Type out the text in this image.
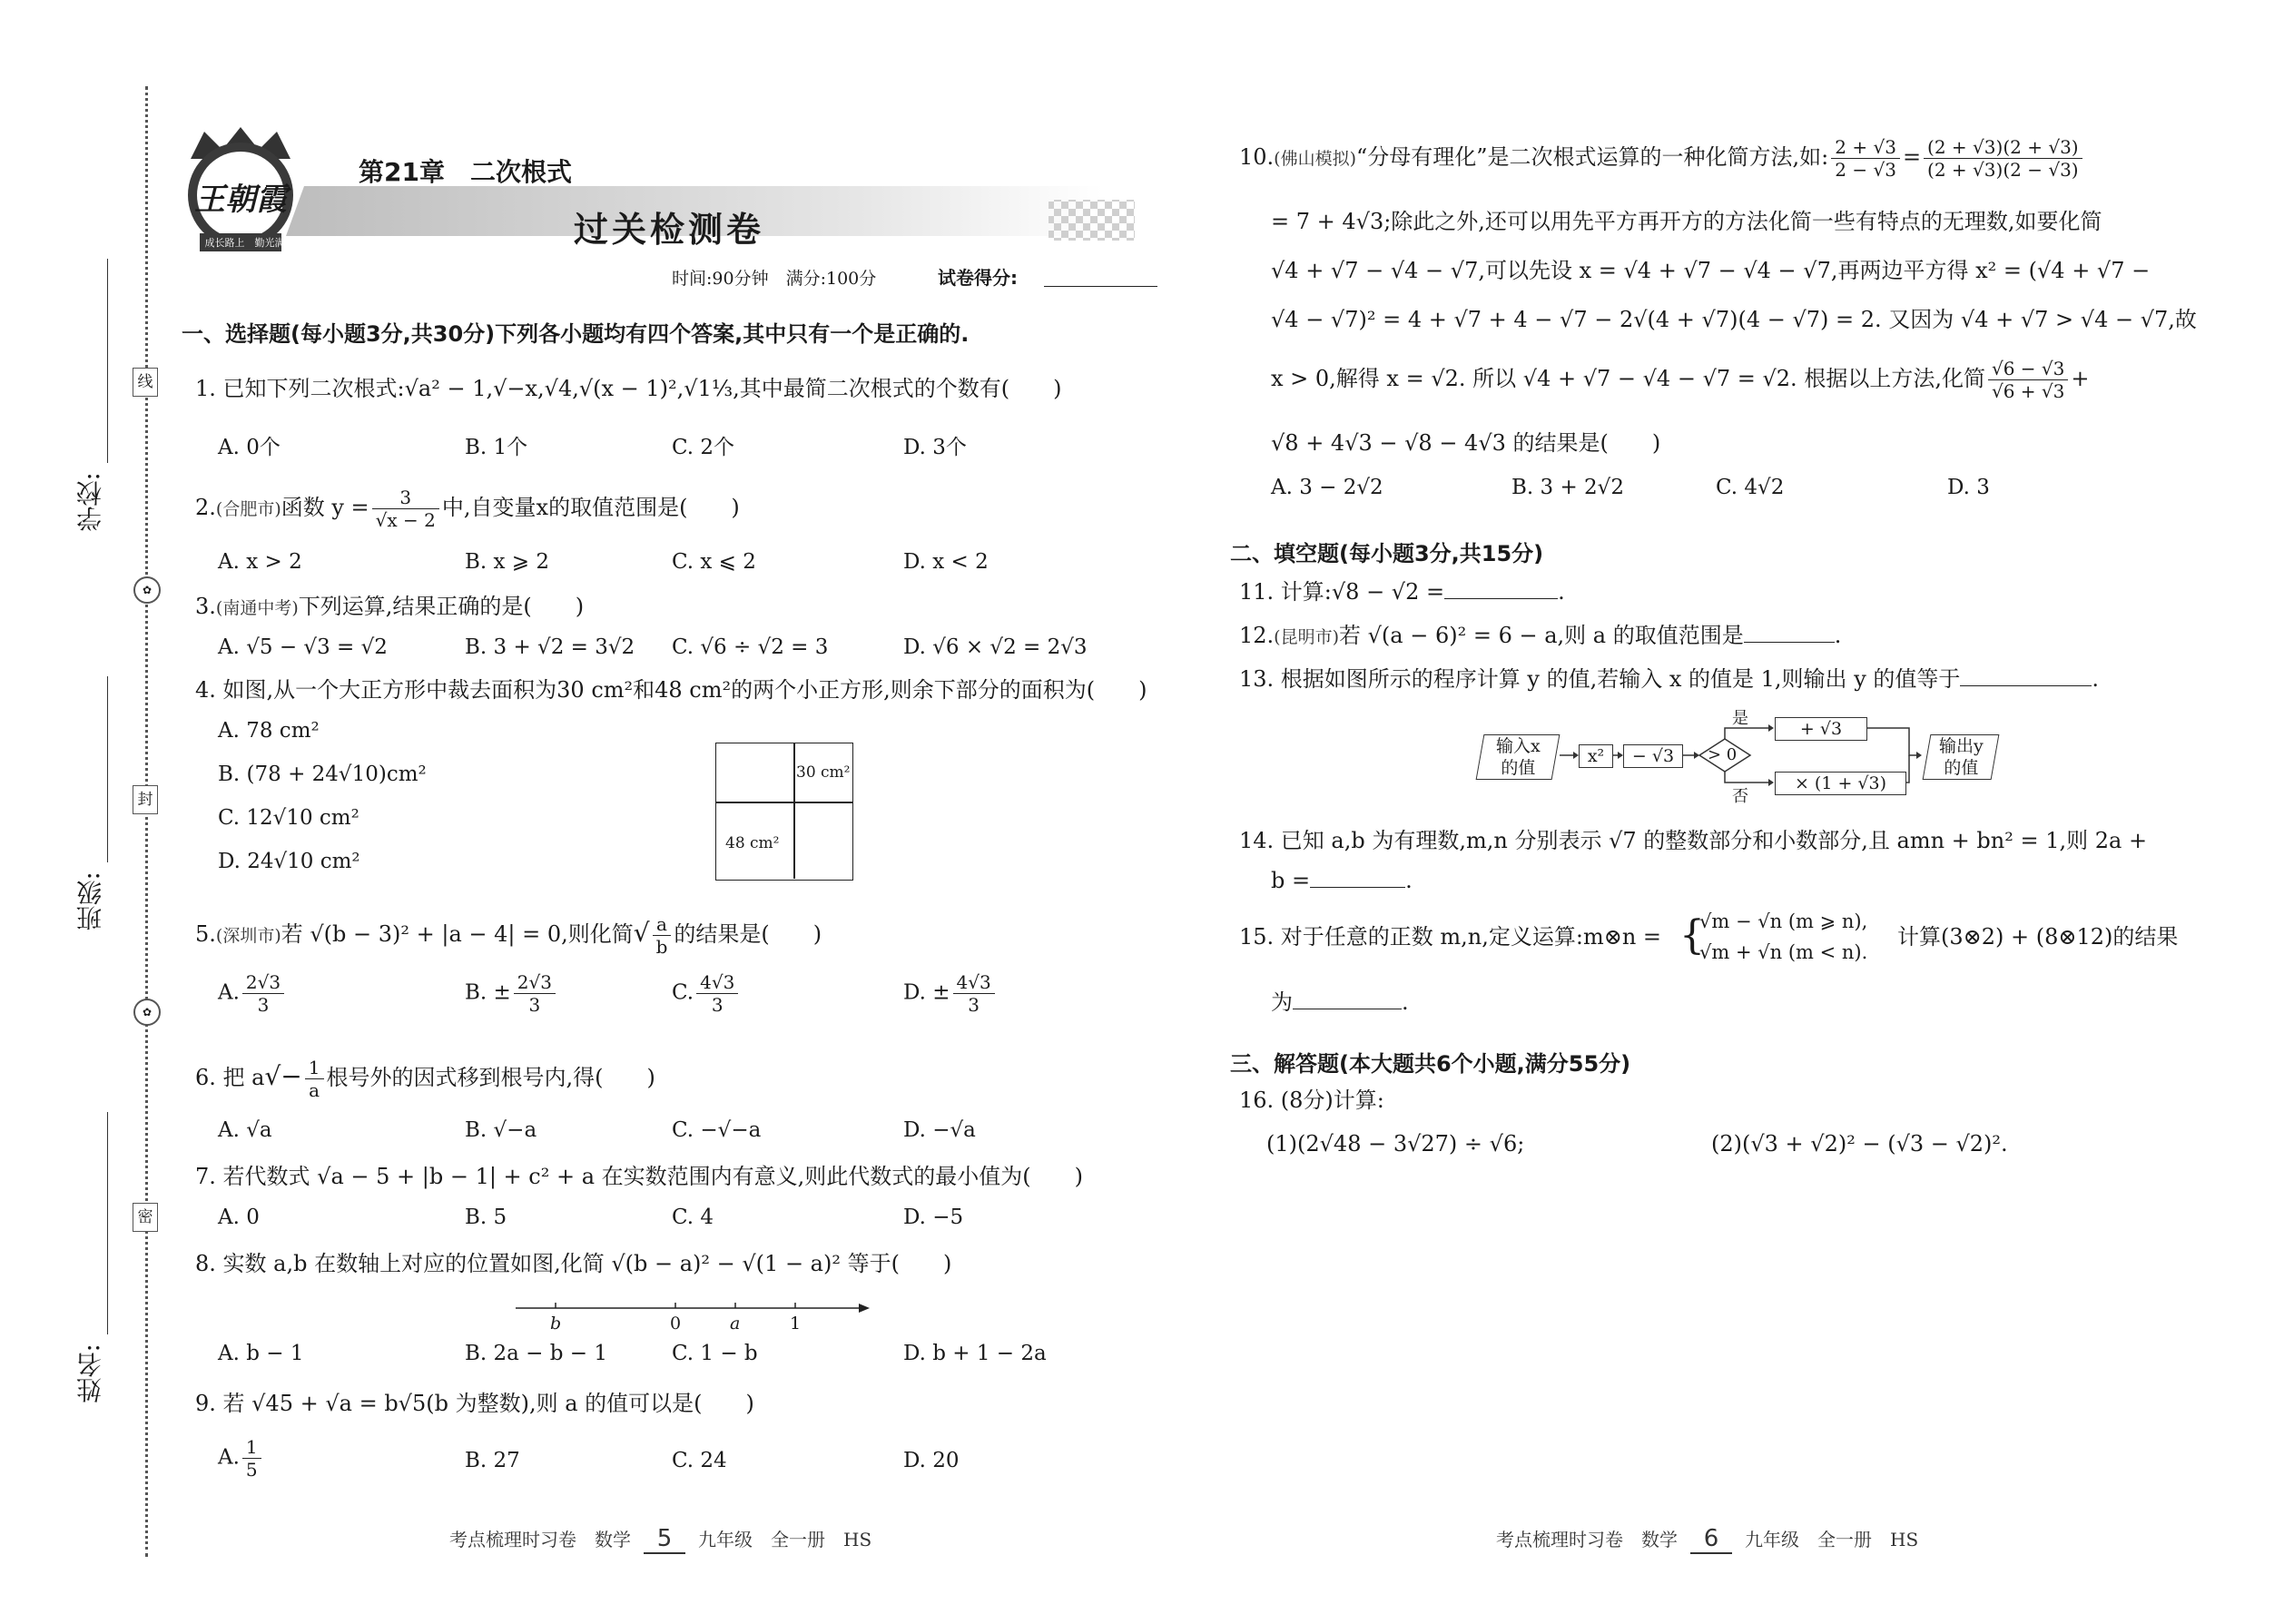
学校:
班级:
姓名:
线
封
密
✿
✿
王朝霞
成长路上　勤光满天
第21章　二次根式
过关检测卷
时间:90分钟　满分:100分	试卷得分:
一、选择题(每小题3分,共30分)下列各小题均有四个答案,其中只有一个是正确的.
1. 已知下列二次根式:√a² − 1,√−x,√4,√(x − 1)²,√1⅓,其中最简二次根式的个数有(　　)
A. 0个	B. 1个	C. 2个	D. 3个
2.(合肥市)函数 $y = \frac{3}{√x - 2}$ 中,自变量x的取值范围是(　　)
A. x > 2	B. x ⩾ 2	C. x ⩽ 2	D. x < 2
3.(南通中考)下列运算,结果正确的是(　　)
A. √5 − √3 = √2	B. 3 + √2 = 3√2 C. √6 ÷ √2 = 3	D. √6 × √2 = 2√3
4. 如图,从一个大正方形中裁去面积为30 cm²和48 cm²的两个小正方形,则余下部分的面积为(　　)
A. 78 cm²
B. (78 + 24√10)cm²
C. 12√10 cm²
D. 24√10 cm²
30 cm²
48 cm²
5.(深圳市)若 √(b − 3)² + |a − 4| = 0,则化简√ $\frac{a}{b}$ 的结果是(　　)
A. $\frac{2√3}{3}$	B. ± $\frac{2√3}{3}$	C. $\frac{4√3}{3}$	D. ± $\frac{4√3}{3}$
6. 把 $a√- \frac{1}{a}$ 根号外的因式移到根号内,得(　　)
A. √a	B. √−a	C. −√−a	D. −√a
7. 若代数式 √a − 5 + |b − 1| + c² + a 在实数范围内有意义,则此代数式的最小值为(　　)
A. 0	B. 5	C. 4	D. −5
8. 实数 a,b 在数轴上对应的位置如图,化简 √(b − a)² − √(1 − a)² 等于(　　)
b	0	a	1
A. b − 1	B. 2a − b − 1	C. 1 − b	D. b + 1 − 2a
9. 若 √45 + √a = b√5(b 为整数),则 a 的值可以是(　　)
A. $\frac{1}{5}$	B. 27	C. 24	D. 20
考点梳理时习卷　数学 5 九年级　全一册　HS
10.(佛山模拟)“分母有理化”是二次根式运算的一种化简方法,如: $\frac{2 + √3}{2 - √3} = \frac{(2 + √3)(2 + √3)}{(2 + √3)(2 - √3)}$
= 7 + 4√3;除此之外,还可以用先平方再开方的方法化简一些有特点的无理数,如要化简
√4 + √7 − √4 − √7,可以先设 x = √4 + √7 − √4 − √7,再两边平方得 x² = (√4 + √7 −
√4 − √7)² = 4 + √7 + 4 − √7 − 2√(4 + √7)(4 − √7) = 2. 又因为 √4 + √7 > √4 − √7,故
x > 0,解得 x = √2. 所以 √4 + √7 − √4 − √7 = √2. 根据以上方法,化简 $\frac{√6 - √3}{√6 + √3}$ +
√8 + 4√3 − √8 − 4√3 的结果是(　　)
A. 3 − 2√2	B. 3 + 2√2	C. 4√2	D. 3
二、填空题(每小题3分,共15分)
11. 计算:√8 − √2 =	.
12.(昆明市)若 √(a − 6)² = 6 − a,则 a 的取值范围是	.
13. 根据如图所示的程序计算 y 的值,若输入 x 的值是 1,则输出 y 的值等于	.
输入x
的值
x² − √3 > 0
是
否
+ √3
× (1 + √3)
输出y
的值
14. 已知 a,b 为有理数,m,n 分别表示 √7 的整数部分和小数部分,且 amn + bn² = 1,则 2a +
b =	.
15. 对于任意的正数 m,n,定义运算:m⊗n = {
√m − √n (m ⩾ n),
√m + √n (m < n).
计算(3⊗2) + (8⊗12)的结果
为	.
三、解答题(本大题共6个小题,满分55分)
16. (8分)计算:
(1)(2√48 − 3√27) ÷ √6;	(2)(√3 + √2)² − (√3 − √2)².
考点梳理时习卷　数学 6 九年级　全一册　HS
